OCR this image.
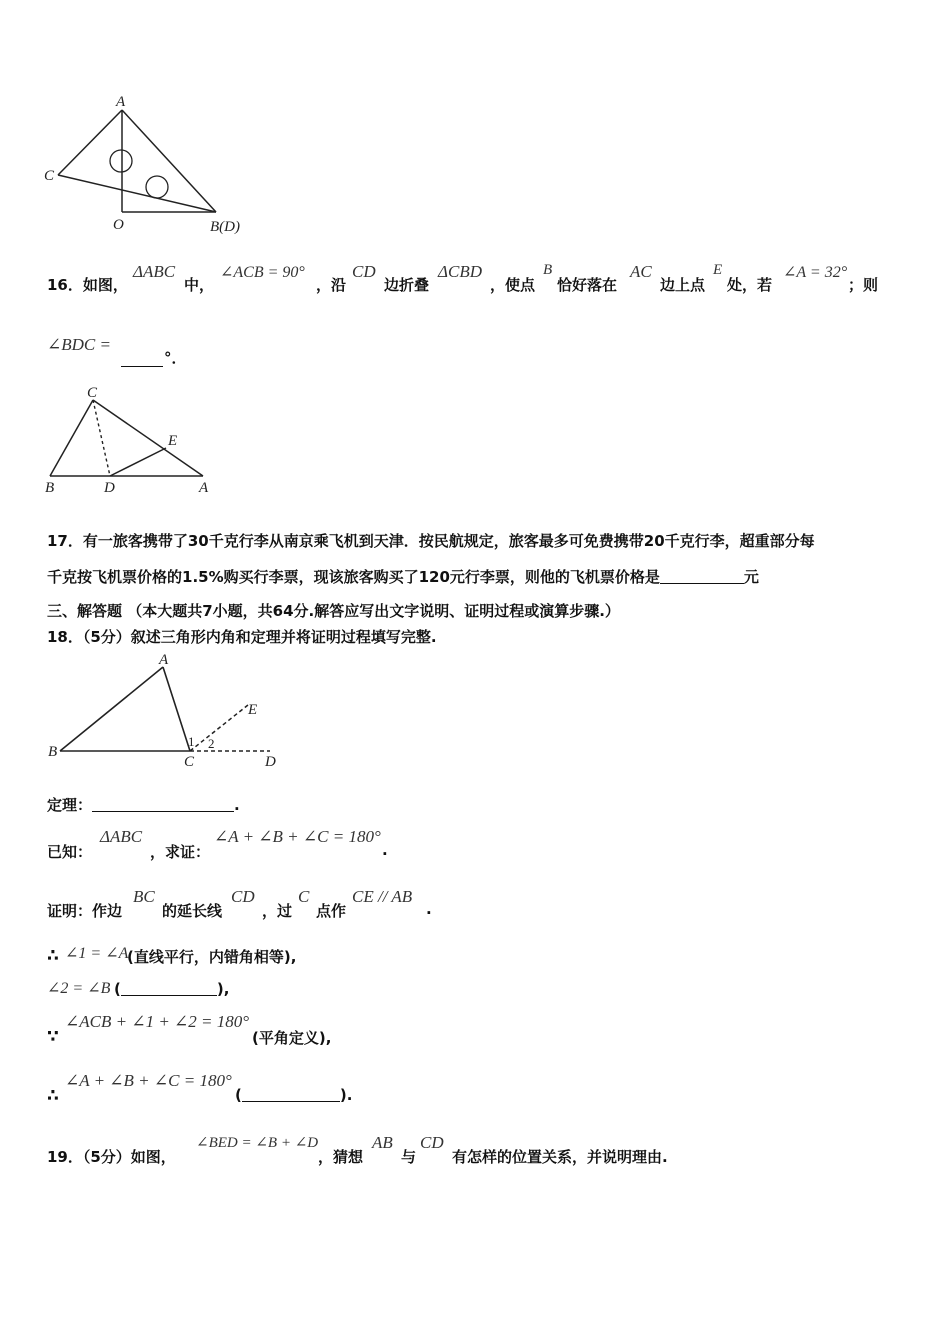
A
C
O	B(D)
16．如图，
ΔABC
中，
∠ACB = 90°
，沿
CD
边折叠
ΔCBD
，使点
B
恰好落在
AC
边上点
E
处，若
∠A = 32°
；则
∠BDC =
°．
C
E
B	D	A
17．有一旅客携带了30千克行李从南京乘飞机到天津．按民航规定，旅客最多可免费携带20千克行李，超重部分每
千克按飞机票价格的1.5%购买行李票，现该旅客购买了120元行李票，则他的飞机票价格是	元
三、解答题 （本大题共7小题，共64分.解答应写出文字说明、证明过程或演算步骤.）
18．（5分）叙述三角形内角和定理并将证明过程填写完整.
A
B
C	D
E
1 2
定理：	.
已知：
ΔABC
，求证：
∠A + ∠B + ∠C = 180°
.
证明：作边
BC
的延长线
CD
，过
C
点作
CE // AB
.
∴ ∠1 = ∠A
(直线平行，内错角相等),
∠2 = ∠B (	),
∵
∠ACB + ∠1 + ∠2 = 180°
(平角定义),
∴
∠A + ∠B + ∠C = 180°
(	).
19．（5分）如图，
∠BED = ∠B + ∠D
，猜想
AB
与
CD
有怎样的位置关系，并说明理由.
